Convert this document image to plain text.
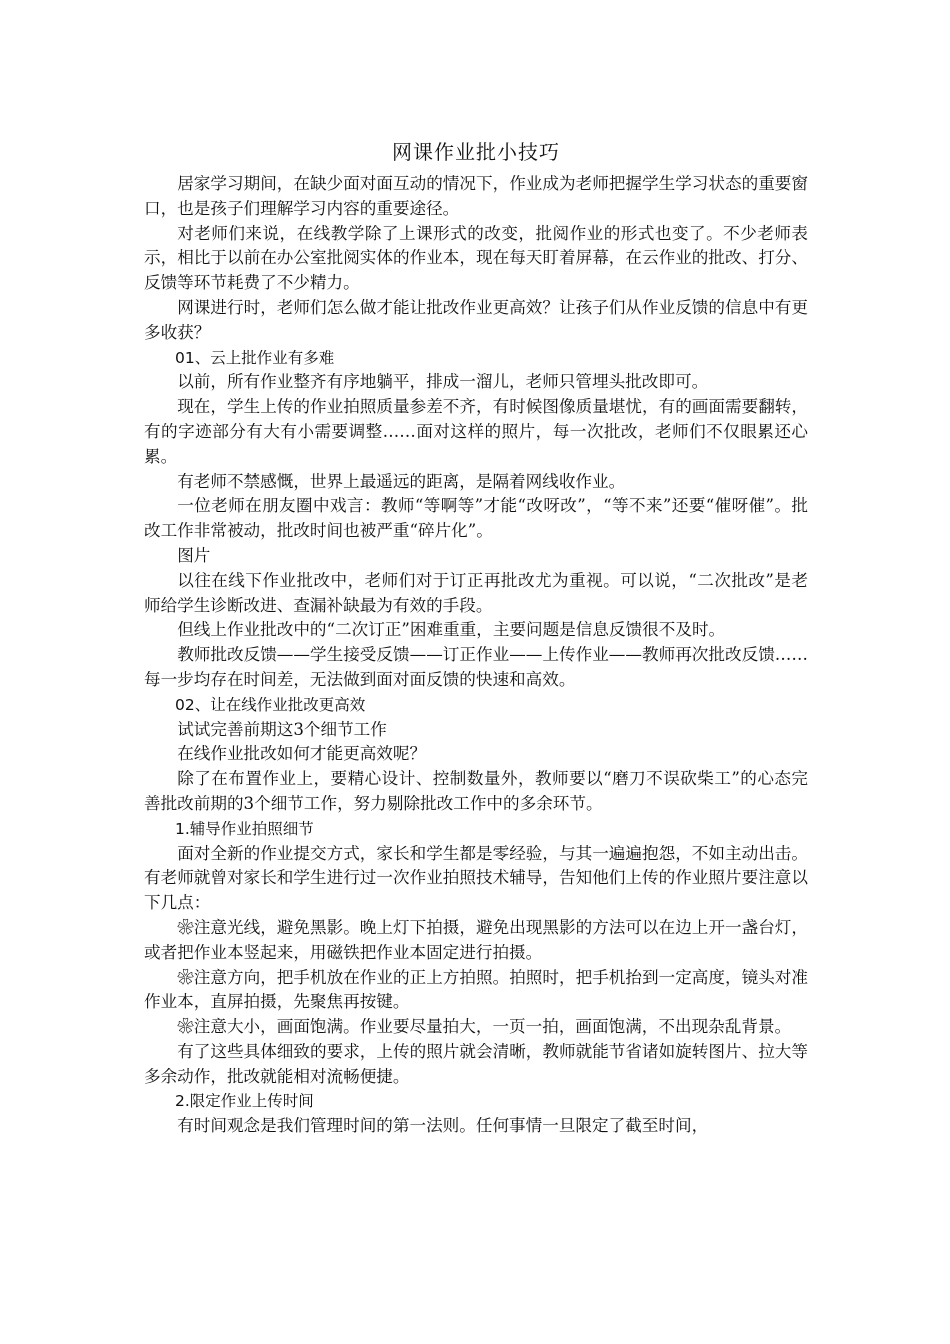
网课作业批小技巧

居家学习期间，在缺少面对面互动的情况下，作业成为老师把握学生学习状态的重要窗口，也是孩子们理解学习内容的重要途径。

对老师们来说，在线教学除了上课形式的改变，批阅作业的形式也变了。不少老师表示，相比于以前在办公室批阅实体的作业本，现在每天盯着屏幕，在云作业的批改、打分、反馈等环节耗费了不少精力。

网课进行时，老师们怎么做才能让批改作业更高效？让孩子们从作业反馈的信息中有更多收获？

01、云上批作业有多难

以前，所有作业整齐有序地躺平，排成一溜儿，老师只管埋头批改即可。

现在，学生上传的作业拍照质量参差不齐，有时候图像质量堪忧，有的画面需要翻转，有的字迹部分有大有小需要调整……面对这样的照片，每一次批改，老师们不仅眼累还心累。

有老师不禁感慨，世界上最遥远的距离，是隔着网线收作业。

一位老师在朋友圈中戏言：教师“等啊等”才能“改呀改”，“等不来”还要“催呀催”。批改工作非常被动，批改时间也被严重“碎片化”。

图片

以往在线下作业批改中，老师们对于订正再批改尤为重视。可以说，“二次批改”是老师给学生诊断改进、查漏补缺最为有效的手段。

但线上作业批改中的“二次订正”困难重重，主要问题是信息反馈很不及时。

教师批改反馈——学生接受反馈——订正作业——上传作业——教师再次批改反馈……每一步均存在时间差，无法做到面对面反馈的快速和高效。

02、让在线作业批改更高效

试试完善前期这3个细节工作

在线作业批改如何才能更高效呢？

除了在布置作业上，要精心设计、控制数量外，教师要以“磨刀不误砍柴工”的心态完善批改前期的3个细节工作，努力剔除批改工作中的多余环节。

1.辅导作业拍照细节

面对全新的作业提交方式，家长和学生都是零经验，与其一遍遍抱怨，不如主动出击。有老师就曾对家长和学生进行过一次作业拍照技术辅导，告知他们上传的作业照片要注意以下几点：

❀注意光线，避免黑影。晚上灯下拍摄，避免出现黑影的方法可以在边上开一盏台灯，或者把作业本竖起来，用磁铁把作业本固定进行拍摄。

❀注意方向，把手机放在作业的正上方拍照。拍照时，把手机抬到一定高度，镜头对准作业本，直屏拍摄，先聚焦再按键。

❀注意大小，画面饱满。作业要尽量拍大，一页一拍，画面饱满，不出现杂乱背景。

有了这些具体细致的要求，上传的照片就会清晰，教师就能节省诸如旋转图片、拉大等多余动作，批改就能相对流畅便捷。

2.限定作业上传时间

有时间观念是我们管理时间的第一法则。任何事情一旦限定了截至时间，
